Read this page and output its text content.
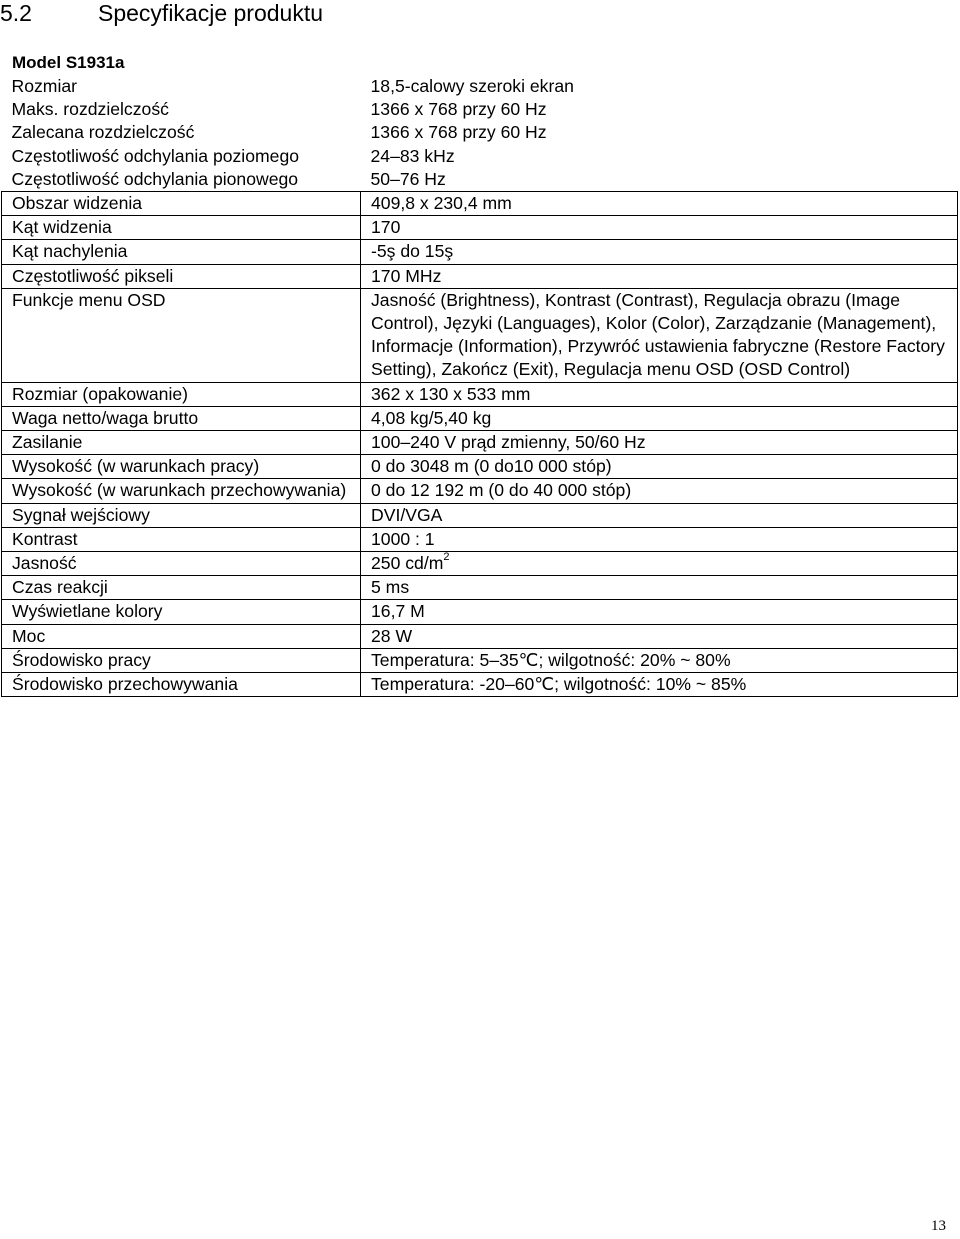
5.2	Specyfikacje produktu
Model S1931a
Rozmiar	18,5-calowy szeroki ekran
Maks. rozdzielczość	1366 x 768 przy 60 Hz
Zalecana rozdzielczość	1366 x 768 przy 60 Hz
Częstotliwość odchylania poziomego	24–83 kHz
Częstotliwość odchylania pionowego	50–76 Hz
Obszar widzenia	409,8 x 230,4 mm
Kąt widzenia	170
Kąt nachylenia	-5ş do 15ş
Częstotliwość pikseli	170 MHz
Funkcje menu OSD	Jasność (Brightness), Kontrast (Contrast), Regulacja obrazu (Image Control), Języki (Languages), Kolor (Color), Zarządzanie (Management), Informacje (Information), Przywróć ustawienia fabryczne (Restore Factory Setting), Zakończ (Exit), Regulacja menu OSD (OSD Control)
Rozmiar (opakowanie)	362 x 130 x 533 mm
Waga netto/waga brutto	4,08 kg/5,40 kg
Zasilanie	100–240 V prąd zmienny, 50/60 Hz
Wysokość (w warunkach pracy)	0 do 3048 m (0 do10 000 stóp)
Wysokość (w warunkach przechowywania)	0 do 12 192 m (0 do 40 000 stóp)
Sygnał wejściowy	DVI/VGA
Kontrast	1000 : 1
Jasność	250 $cd/m^2$
Czas reakcji	5 ms
Wyświetlane kolory	16,7 M
Moc	28 W
Środowisko pracy	Temperatura: 5–35℃; wilgotność: 20% ~ 80%
Środowisko przechowywania	Temperatura: -20–60℃; wilgotność: 10% ~ 85%
13
